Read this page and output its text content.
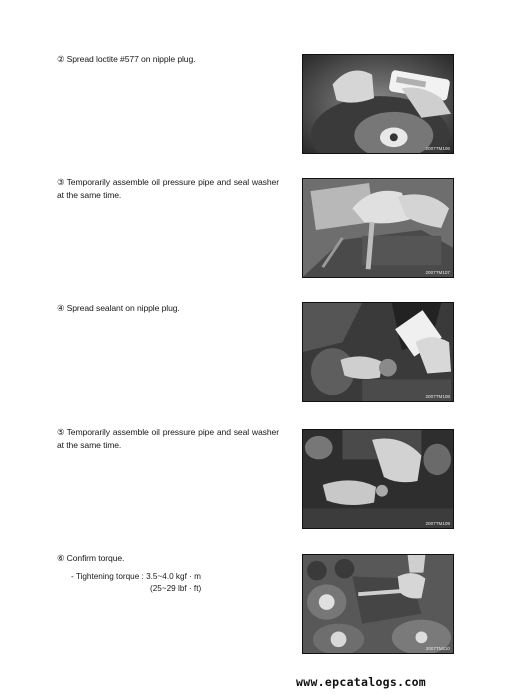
② Spread loctite #577 on nipple plug.
2007TM106
③ Temporarily assemble oil pressure pipe and seal washer at the same time.
2007TM107
④ Spread sealant on nipple plug.
2007TM108
⑤ Temporarily assemble oil pressure pipe and seal washer at the same time.
2007TM109
⑥ Confirm torque.
- Tightening torque : 3.5~4.0 kgf · m
(25~29 lbf · ft)
2007TM110
www.epcatalogs.com
